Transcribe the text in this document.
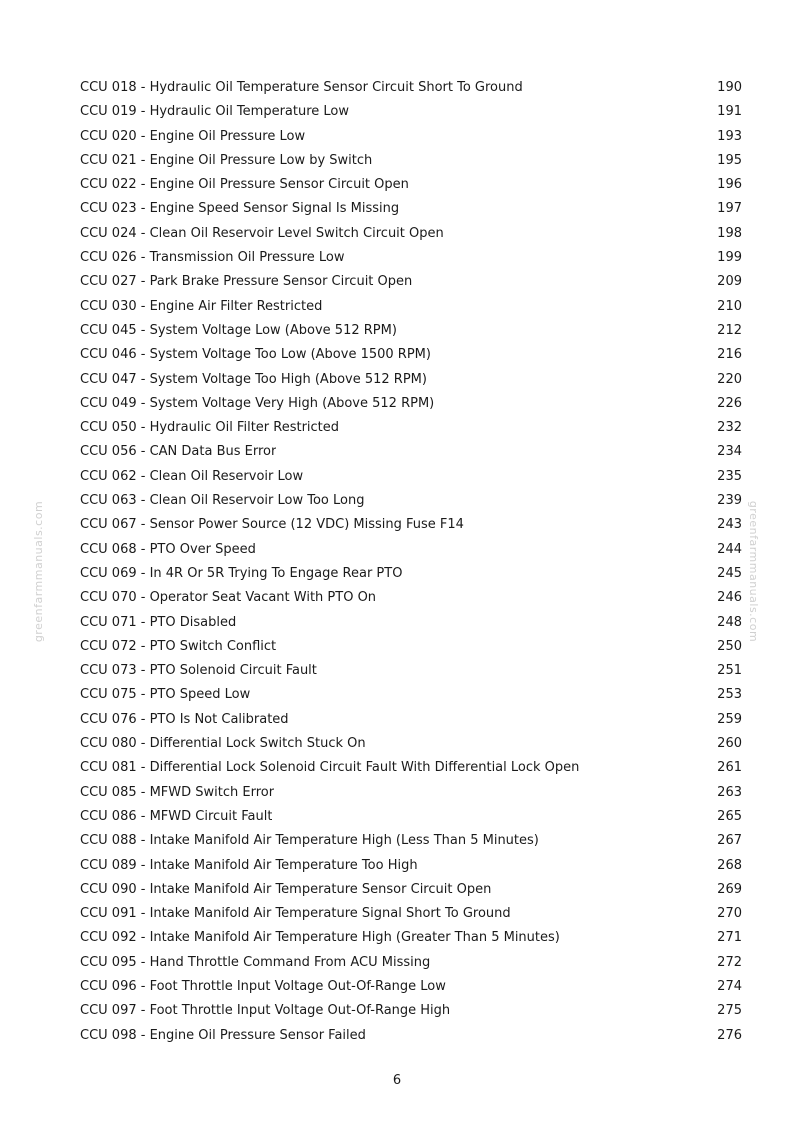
CCU 018 - Hydraulic Oil Temperature Sensor Circuit Short To Ground	190
CCU 019 - Hydraulic Oil Temperature Low	191
CCU 020 - Engine Oil Pressure Low	193
CCU 021 - Engine Oil Pressure Low by Switch	195
CCU 022 - Engine Oil Pressure Sensor Circuit Open	196
CCU 023 - Engine Speed Sensor Signal Is Missing	197
CCU 024 - Clean Oil Reservoir Level Switch Circuit Open	198
CCU 026 - Transmission Oil Pressure Low	199
CCU 027 - Park Brake Pressure Sensor Circuit Open	209
CCU 030 - Engine Air Filter Restricted	210
CCU 045 - System Voltage Low (Above 512 RPM)	212
CCU 046 - System Voltage Too Low (Above 1500 RPM)	216
CCU 047 - System Voltage Too High (Above 512 RPM)	220
CCU 049 - System Voltage Very High (Above 512 RPM)	226
CCU 050 - Hydraulic Oil Filter Restricted	232
CCU 056 - CAN Data Bus Error	234
CCU 062 - Clean Oil Reservoir Low	235
CCU 063 - Clean Oil Reservoir Low Too Long	239
CCU 067 - Sensor Power Source (12 VDC) Missing Fuse F14	243
CCU 068 - PTO Over Speed	244
CCU 069 - In 4R Or 5R Trying To Engage Rear PTO	245
CCU 070 - Operator Seat Vacant With PTO On	246
CCU 071 - PTO Disabled	248
CCU 072 - PTO Switch Conflict	250
CCU 073 - PTO Solenoid Circuit Fault	251
CCU 075 - PTO Speed Low	253
CCU 076 - PTO Is Not Calibrated	259
CCU 080 - Differential Lock Switch Stuck On	260
CCU 081 - Differential Lock Solenoid Circuit Fault With Differential Lock Open	261
CCU 085 - MFWD Switch Error	263
CCU 086 - MFWD Circuit Fault	265
CCU 088 - Intake Manifold Air Temperature High (Less Than 5 Minutes)	267
CCU 089 - Intake Manifold Air Temperature Too High	268
CCU 090 - Intake Manifold Air Temperature Sensor Circuit Open	269
CCU 091 - Intake Manifold Air Temperature Signal Short To Ground	270
CCU 092 - Intake Manifold Air Temperature High (Greater Than 5 Minutes)	271
CCU 095 - Hand Throttle Command From ACU Missing	272
CCU 096 - Foot Throttle Input Voltage Out-Of-Range Low	274
CCU 097 - Foot Throttle Input Voltage Out-Of-Range High	275
CCU 098 - Engine Oil Pressure Sensor Failed	276
6
greenfarmmanuals.com	greenfarmmanuals.com
